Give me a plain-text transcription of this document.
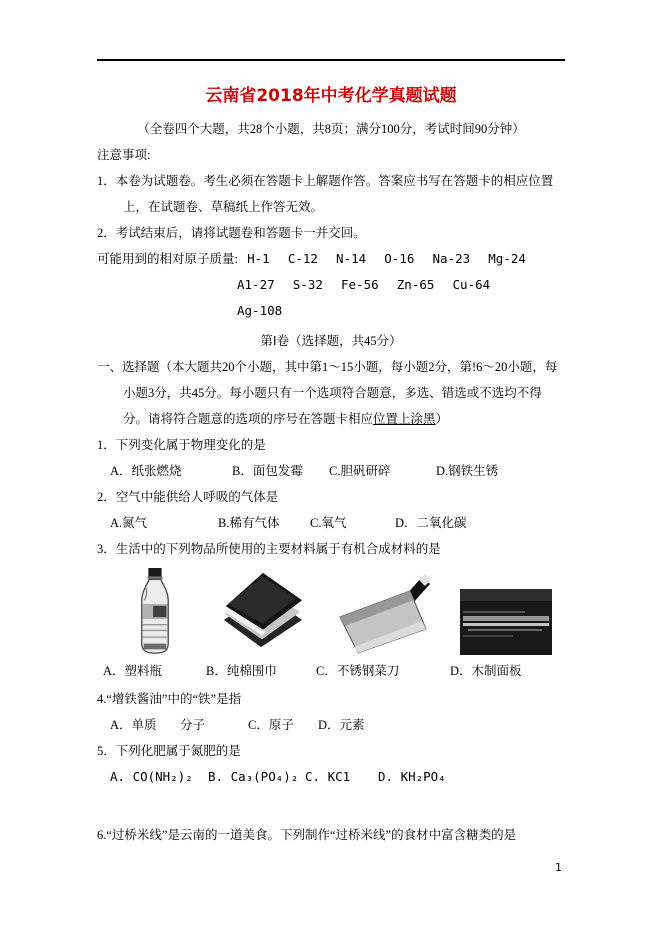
云南省2018年中考化学真题试题

（全卷四个大题，共28个小题，共8页；满分100分，考试时间90分钟）

注意事项:

1．本卷为试题卷。考生必须在答题卡上解题作答。答案应书写在答题卡的相应位置上，在试题卷、草稿纸上作答无效。

2．考试结束后，请将试题卷和答题卡一并交回。

可能用到的相对原子质量: H-1 C-12 N-14 O-16 Na-23 Mg-24

A1-27 S-32 Fe-56 Zn-65 Cu-64 Ag-108

第Ⅰ卷（选择题，共45分）

一、选择题（本大题共20个小题，其中第1～15小题，每小题2分，第!6～20小题，每小题3分，共45分。每小题只有一个选项符合题意，多选、错选或不选均不得分。请将符合题意的选项的序号在答题卡相应位置上涂黑）

1．下列变化属于物理变化的是

A．纸张燃烧	B．面包发霉	C.胆矾研碎	D.钢铁生锈

2．空气中能供给人呼吸的气体是

A.氮气	B.稀有气体	C.氧气	D．二氧化碳

3．生活中的下列物品所使用的主要材料属于有机合成材料的是

A．塑料瓶	B．纯棉围巾	C．不锈钢菜刀	D．木制面板

4.“增铁酱油”中的“铁”是指

A．单质	分子	C．原子	D．元素

5．下列化肥属于氮肥的是

A. CO(NH₂)₂	B. Ca₃(PO₄)₂ C. KC1	D. KH₂PO₄

6.“过桥米线”是云南的一道美食。下列制作“过桥米线”的食材中富含糖类的是

1
